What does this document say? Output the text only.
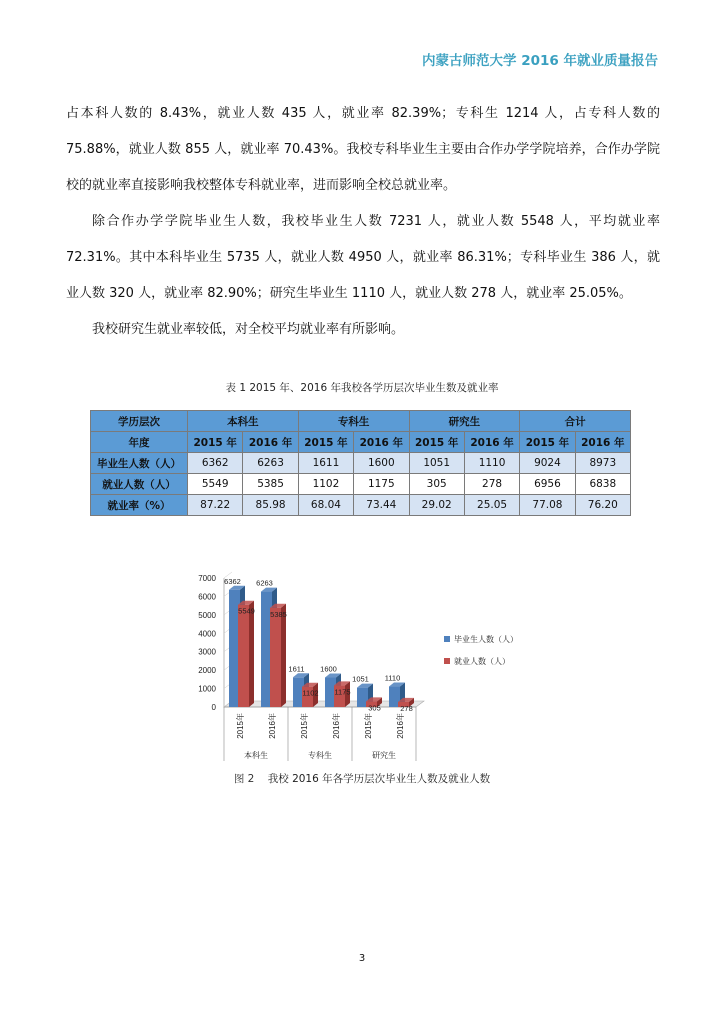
内蒙古师范大学 2016 年就业质量报告

占本科人数的 8.43%，就业人数 435 人，就业率 82.39%；专科生 1214 人，占专科人数的 75.88%，就业人数 855 人，就业率 70.43%。我校专科毕业生主要由合作办学学院培养，合作办学院校的就业率直接影响我校整体专科就业率，进而影响全校总就业率。

除合作办学学院毕业生人数，我校毕业生人数 7231 人，就业人数 5548 人，平均就业率 72.31%。其中本科毕业生 5735 人，就业人数 4950 人，就业率 86.31%；专科毕业生 386 人，就业人数 320 人，就业率 82.90%；研究生毕业生 1110 人，就业人数 278 人，就业率 25.05%。

我校研究生就业率较低，对全校平均就业率有所影响。

表 1 2015 年、2016 年我校各学历层次毕业生数及就业率
学历层次	本科生		专科生		研究生		合计	
年度	2015 年	2016 年	2015 年	2016 年	2015 年	2016 年	2015 年	2016 年
毕业生人数（人）	6362	6263	1611	1600	1051	1110	9024	8973
就业人数（人）	5549	5385	1102	1175	305	278	6956	6838
就业率（%）	87.22	85.98	68.04	73.44	29.02	25.05	77.08	76.20
0
1000
2000
3000
4000
5000
6000
7000 6362 6263
1611 1600
1051 1110
5549 5385
1102 1175
305	278
2015年	2016年	2015年	2016年	2015年	2016年
本科生	专科生	研究生
毕业生人数（人）
就业人数（人）
图 2 我校 2016 年各学历层次毕业生人数及就业人数
3
